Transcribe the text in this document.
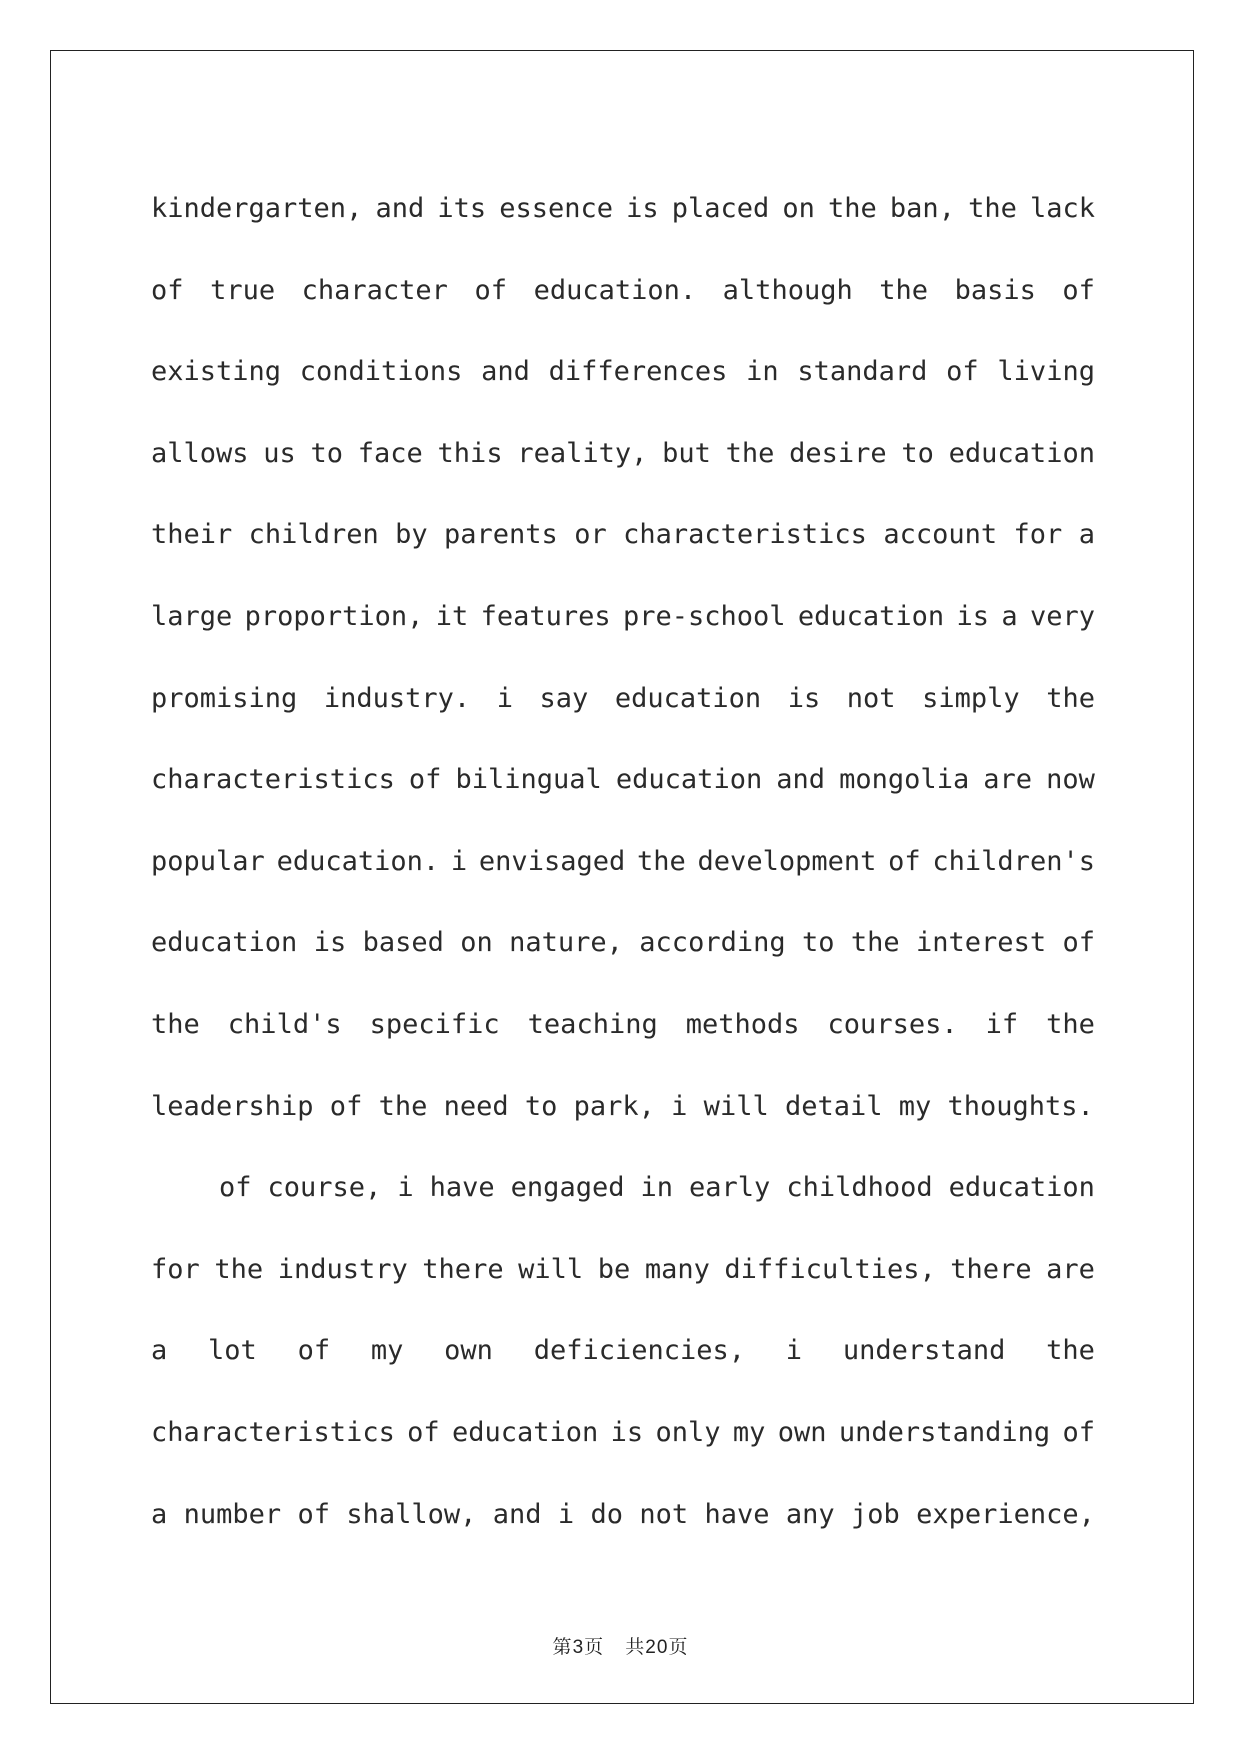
kindergarten, and its essence is placed on the ban, the lack
of true character of education. although the basis of
existing conditions and differences in standard of living
allows us to face this reality, but the desire to education
their children by parents or characteristics account for a
large proportion, it features pre-school education is a very
promising industry. i say education is not simply the
characteristics of bilingual education and mongolia are now
popular education. i envisaged the development of children's
education is based on nature, according to the interest of
the child's specific teaching methods courses. if the
leadership of the need to park, i will detail my thoughts.
of course, i have engaged in early childhood education
for the industry there will be many difficulties, there are
a lot of my own deficiencies, i understand the
characteristics of education is only my own understanding of
a number of shallow, and i do not have any job experience,
第3页 共20页
